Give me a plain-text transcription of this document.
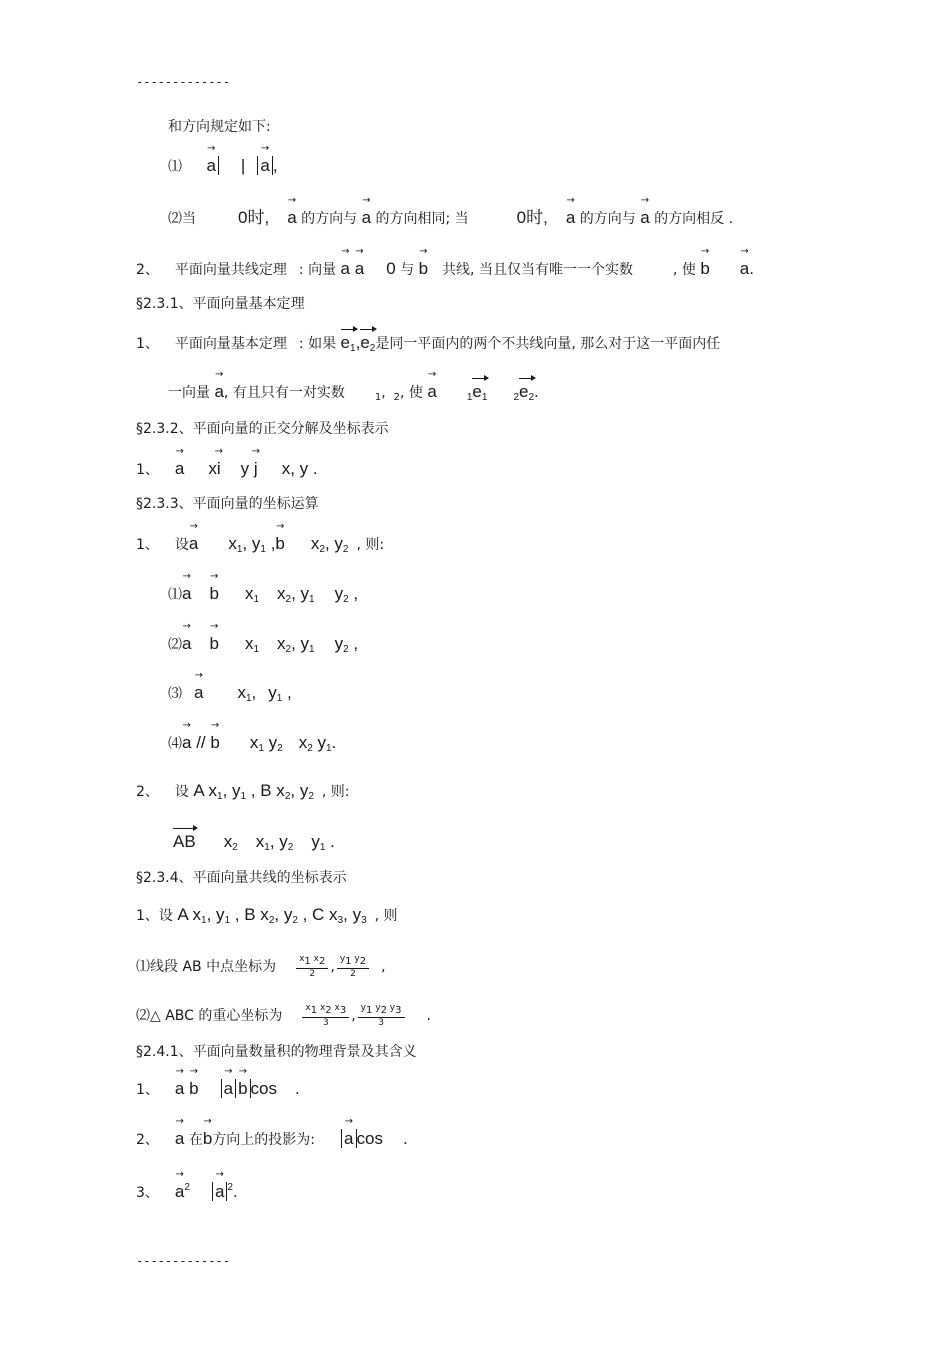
-------------
和方向规定如下:
⑴ → a | → a ,
⑵当 0时, → a 的方向与 → a 的方向相同; 当	0时, → a 的方向与 → a 的方向相反 .
2、 平面向量共线定理 : 向量 → a → a 0 与 → b 共线, 当且仅当有唯一一个实数	, 使 → b → a.
§2.3.1、平面向量基本定理
1、 平面向量基本定理 : 如果 $e_1,e_2$是同一平面内的两个不共线向量, 那么对于这一平面内任
一向量 → a, 有且只有一对实数	$_1$, $_2$, 使 → a	$_1e_1$	$_2e_2$.
§2.3.2、平面向量的正交分解及坐标表示
1、 → a x→ i y → j x, y .
§2.3.3、平面向量的坐标运算
1、 设→ a $x_1$, $y_1$ ,→ b $x_2$, $y_2$ , 则:
⑴→ a → b $x_1$ $x_2$, $y_1$ $y_2$ ,
⑵→ a → b $x_1$ $x_2$, $y_1$ $y_2$ ,
⑶ → a $x_1$, $y_1$ ,
⑷→ a // → b $x_1$ $y_2$ $x_2$ $y_1$.
2、 设 A $x_1$, $y_1$ , B $x_2$, $y_2$ , 则:
AB $x_2$ $x_1$, $y_2$ $y_1$ .
§2.3.4、平面向量共线的坐标表示
1、设 A $x_1$, $y_1$ , B $x_2$, $y_2$ , C $x_3$, $y_3$ , 则
⑴线段 AB 中点坐标为 $\frac{x_1 x_2}{2}$ , $\frac{y_1 y_2}{2}$ ,
⑵△ ABC 的重心坐标为 $\frac{x_1 x_2 x_3}{3}$ , $\frac{y_1 y_2 y_3}{3}$ .
§2.4.1、平面向量数量积的物理背景及其含义
1、 → a → b → a → b cos .
2、 → a 在→ b方向上的投影为: → a cos .
3、 → $a^2 \to a$ $^2$.
-------------
